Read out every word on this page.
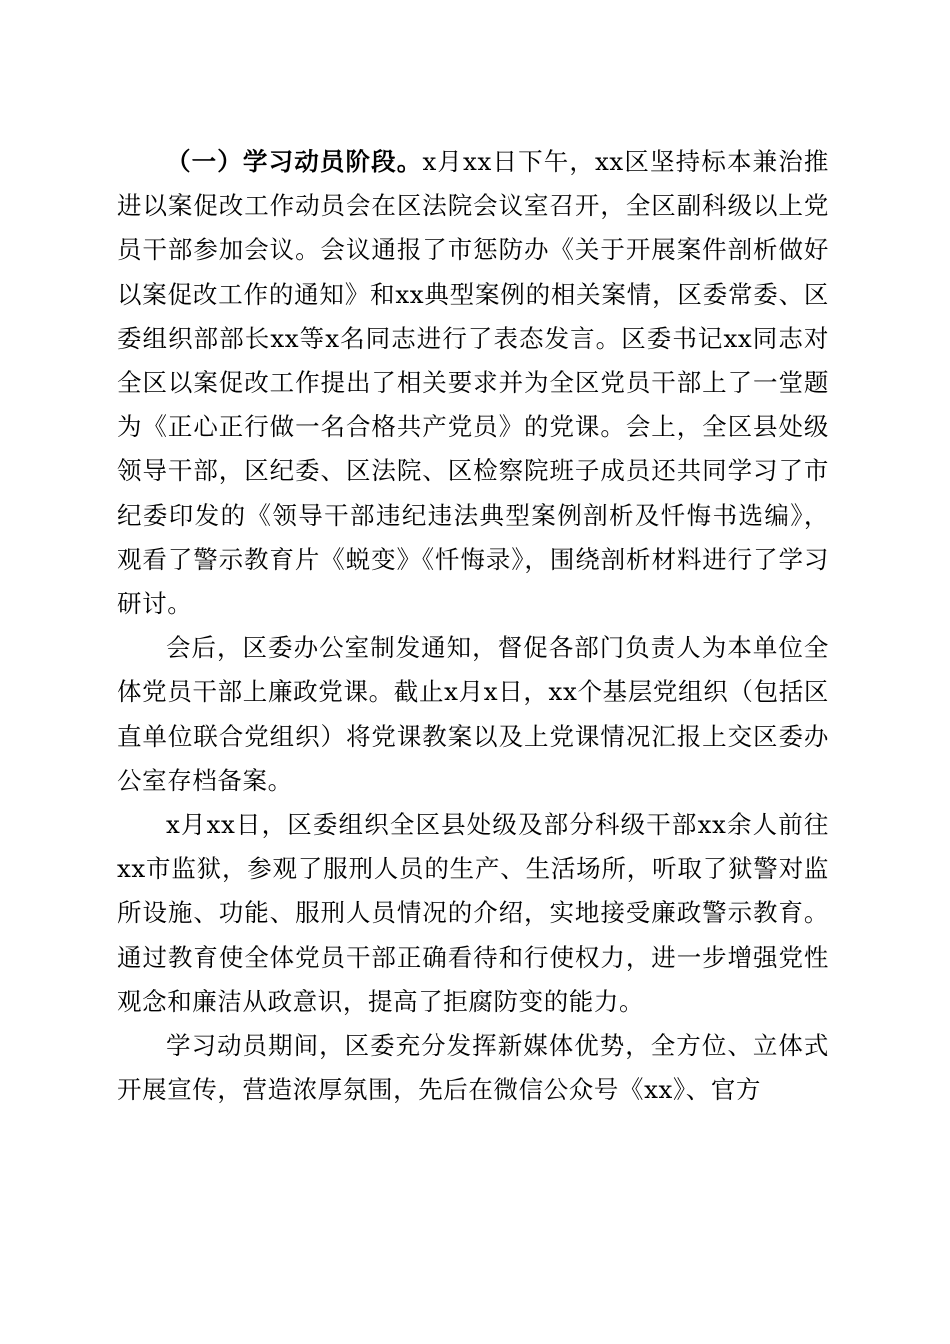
（一）学习动员阶段。x月xx日下午，xx区坚持标本兼治推进以案促改工作动员会在区法院会议室召开，全区副科级以上党员干部参加会议。会议通报了市惩防办《关于开展案件剖析做好以案促改工作的通知》和xx典型案例的相关案情，区委常委、区委组织部部长xx等x名同志进行了表态发言。区委书记xx同志对全区以案促改工作提出了相关要求并为全区党员干部上了一堂题为《正心正行做一名合格共产党员》的党课。会上，全区县处级领导干部，区纪委、区法院、区检察院班子成员还共同学习了市纪委印发的《领导干部违纪违法典型案例剖析及忏悔书选编》，观看了警示教育片《蜕变》《忏悔录》，围绕剖析材料进行了学习研讨。

会后，区委办公室制发通知，督促各部门负责人为本单位全体党员干部上廉政党课。截止x月x日，xx个基层党组织（包括区直单位联合党组织）将党课教案以及上党课情况汇报上交区委办公室存档备案。

x月xx日，区委组织全区县处级及部分科级干部xx余人前往xx市监狱，参观了服刑人员的生产、生活场所，听取了狱警对监所设施、功能、服刑人员情况的介绍，实地接受廉政警示教育。通过教育使全体党员干部正确看待和行使权力，进一步增强党性观念和廉洁从政意识，提高了拒腐防变的能力。

学习动员期间，区委充分发挥新媒体优势，全方位、立体式开展宣传，营造浓厚氛围，先后在微信公众号《xx》、官方
